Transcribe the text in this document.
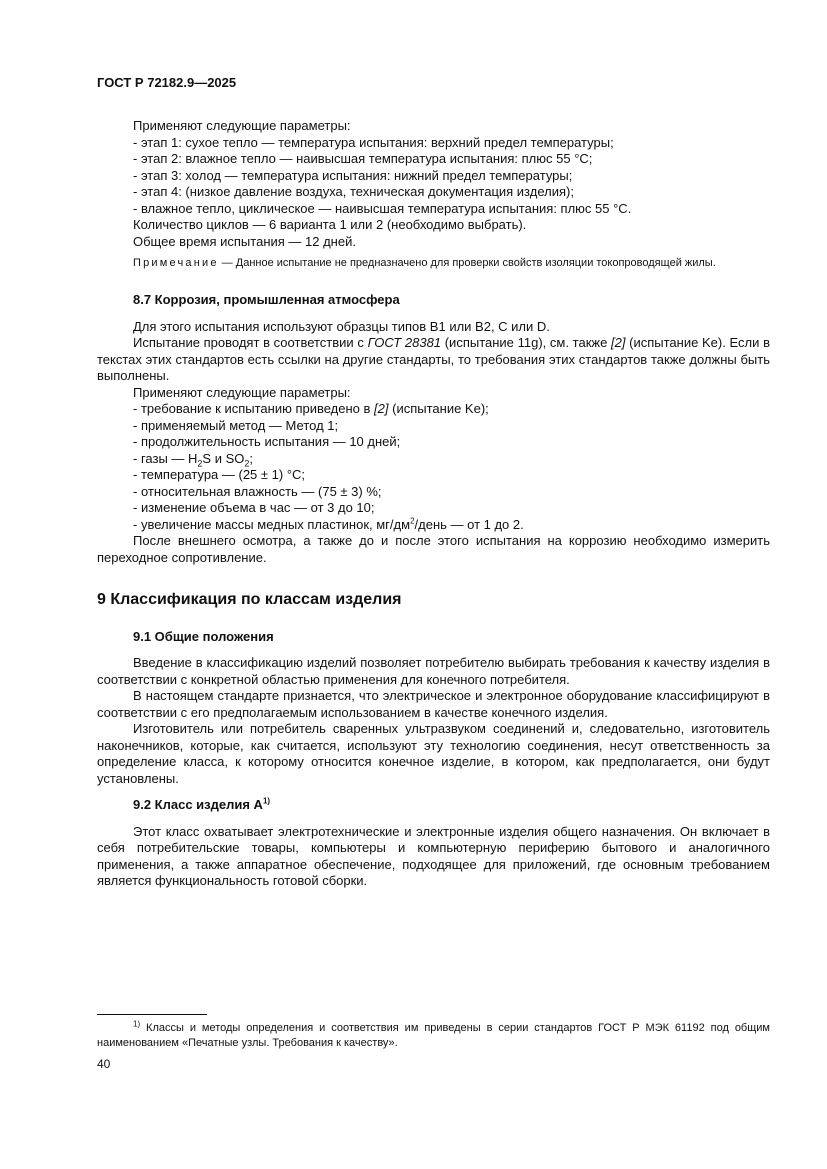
ГОСТ Р 72182.9—2025

Применяют следующие параметры:

- этап 1: сухое тепло — температура испытания: верхний предел температуры;
- этап 2: влажное тепло — наивысшая температура испытания: плюс 55 °С;
- этап 3: холод — температура испытания: нижний предел температуры;
- этап 4: (низкое давление воздуха, техническая документация изделия);
- влажное тепло, циклическое — наивысшая температура испытания: плюс 55 °С.

Количество циклов — 6 варианта 1 или 2 (необходимо выбрать).

Общее время испытания — 12 дней.

Примечание — Данное испытание не предназначено для проверки свойств изоляции токопроводящей жилы.

8.7 Коррозия, промышленная атмосфера

Для этого испытания используют образцы типов В1 или В2, С или D.

Испытание проводят в соответствии с ГОСТ 28381 (испытание 11g), см. также [2] (испытание Ke). Если в текстах этих стандартов есть ссылки на другие стандарты, то требования этих стандартов также должны быть выполнены.

Применяют следующие параметры:

- требование к испытанию приведено в [2] (испытание Ke);
- применяемый метод — Метод 1;
- продолжительность испытания — 10 дней;
- газы — $H_2S$ и $SO_2$;
- температура — (25 ± 1) °С;
- относительная влажность — (75 ± 3) %;
- изменение объема в час — от 3 до 10;
- увеличение массы медных пластинок, $мг/дм^2$/день — от 1 до 2.

После внешнего осмотра, а также до и после этого испытания на коррозию необходимо измерить переходное сопротивление.

9 Классификация по классам изделия

9.1 Общие положения

Введение в классификацию изделий позволяет потребителю выбирать требования к качеству изделия в соответствии с конкретной областью применения для конечного потребителя.

В настоящем стандарте признается, что электрическое и электронное оборудование классифицируют в соответствии с его предполагаемым использованием в качестве конечного изделия.

Изготовитель или потребитель сваренных ультразвуком соединений и, следовательно, изготовитель наконечников, которые, как считается, используют эту технологию соединения, несут ответственность за определение класса, к которому относится конечное изделие, в котором, как предполагается, они будут установлены.

9.2 Класс изделия $А^{1)}$

Этот класс охватывает электротехнические и электронные изделия общего назначения. Он включает в себя потребительские товары, компьютеры и компьютерную периферию бытового и аналогичного применения, а также аппаратное обеспечение, подходящее для приложений, где основным требованием является функциональность готовой сборки.

$^{1)}$ Классы и методы определения и соответствия им приведены в серии стандартов ГОСТ Р МЭК 61192 под общим наименованием «Печатные узлы. Требования к качеству».

40
